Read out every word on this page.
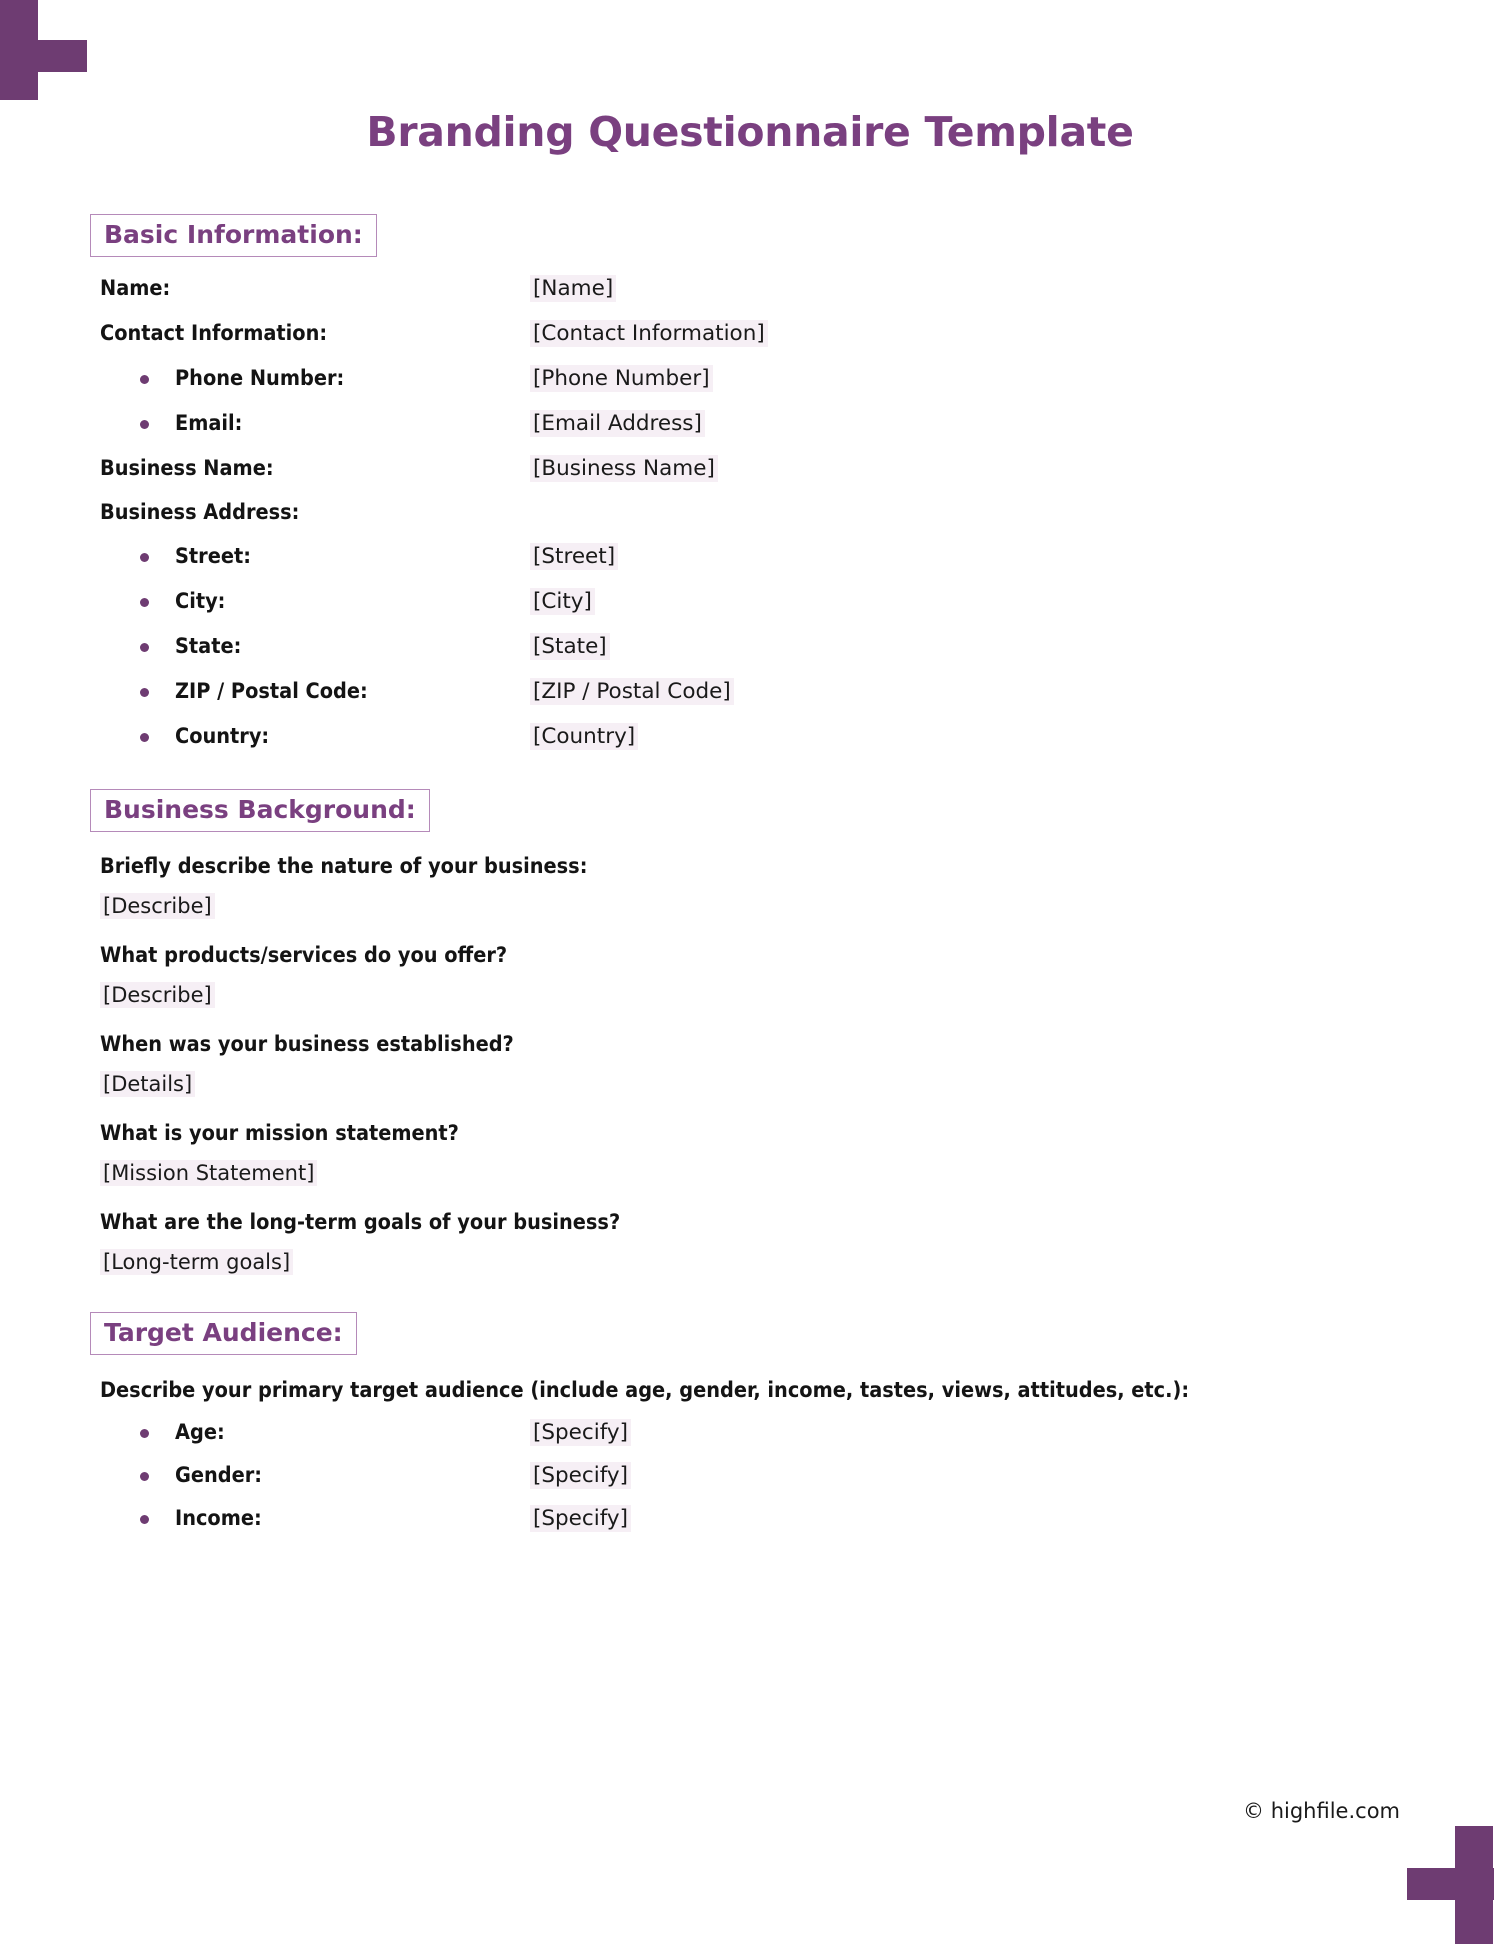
Branding Questionnaire Template
Basic Information:
Name:	[Name]
Contact Information:	[Contact Information]
Phone Number:	[Phone Number]
Email:	[Email Address]
Business Name:	[Business Name]
Business Address:
Street:	[Street]
City:	[City]
State:	[State]
ZIP / Postal Code:	[ZIP / Postal Code]
Country:	[Country]
Business Background:
Briefly describe the nature of your business:
[Describe]
What products/services do you offer?
[Describe]
When was your business established?
[Details]
What is your mission statement?
[Mission Statement]
What are the long-term goals of your business?
[Long-term goals]
Target Audience:
Describe your primary target audience (include age, gender, income, tastes, views, attitudes, etc.):
Age:	[Specify]
Gender:	[Specify]
Income:	[Specify]
© highfile.com
